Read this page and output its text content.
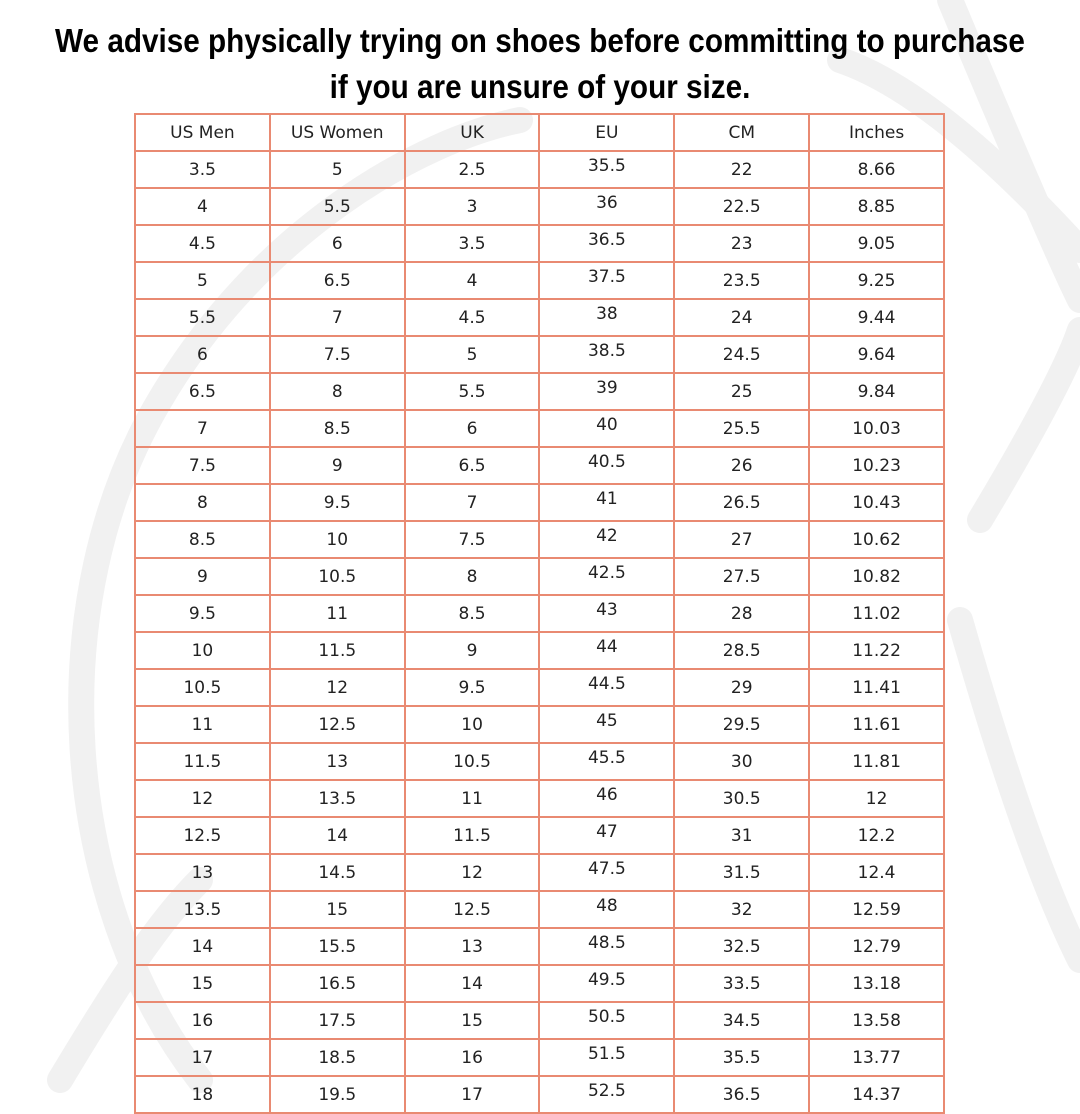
We advise physically trying on shoes before committing to purchase
if you are unsure of your size.
US Men	US Women	UK	EU	CM	Inches
3.5	5	2.5	35.5	22	8.66
4	5.5	3	36	22.5	8.85
4.5	6	3.5	36.5	23	9.05
5	6.5	4	37.5	23.5	9.25
5.5	7	4.5	38	24	9.44
6	7.5	5	38.5	24.5	9.64
6.5	8	5.5	39	25	9.84
7	8.5	6	40	25.5	10.03
7.5	9	6.5	40.5	26	10.23
8	9.5	7	41	26.5	10.43
8.5	10	7.5	42	27	10.62
9	10.5	8	42.5	27.5	10.82
9.5	11	8.5	43	28	11.02
10	11.5	9	44	28.5	11.22
10.5	12	9.5	44.5	29	11.41
11	12.5	10	45	29.5	11.61
11.5	13	10.5	45.5	30	11.81
12	13.5	11	46	30.5	12
12.5	14	11.5	47	31	12.2
13	14.5	12	47.5	31.5	12.4
13.5	15	12.5	48	32	12.59
14	15.5	13	48.5	32.5	12.79
15	16.5	14	49.5	33.5	13.18
16	17.5	15	50.5	34.5	13.58
17	18.5	16	51.5	35.5	13.77
18	19.5	17	52.5	36.5	14.37
